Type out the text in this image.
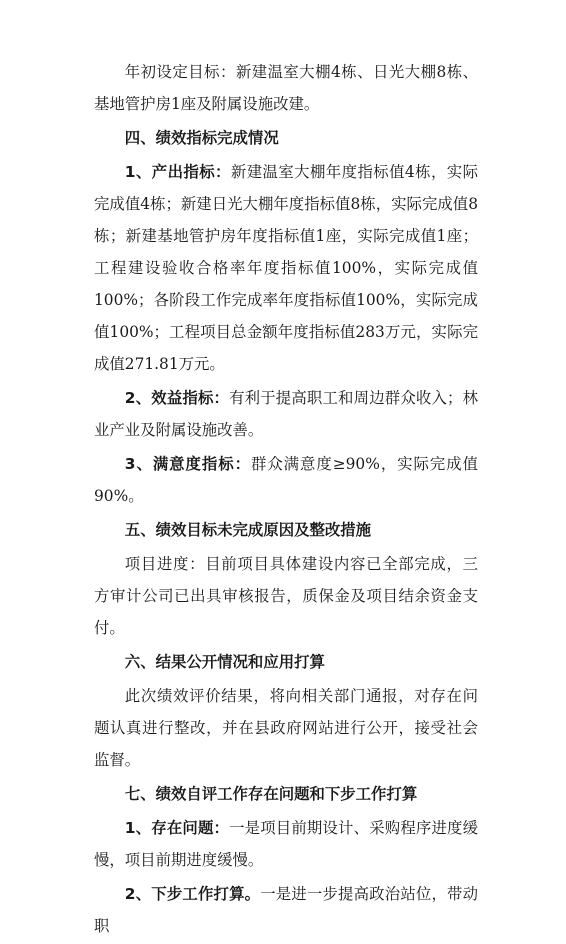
年初设定目标：新建温室大棚4栋、日光大棚8栋、基地管护房1座及附属设施改建。

四、绩效指标完成情况

1、产出指标：新建温室大棚年度指标值4栋，实际完成值4栋；新建日光大棚年度指标值8栋，实际完成值8栋；新建基地管护房年度指标值1座，实际完成值1座；工程建设验收合格率年度指标值100%，实际完成值100%；各阶段工作完成率年度指标值100%，实际完成值100%；工程项目总金额年度指标值283万元，实际完成值271.81万元。

2、效益指标：有利于提高职工和周边群众收入；林业产业及附属设施改善。

3、满意度指标：群众满意度≥90%，实际完成值90%。

五、绩效目标未完成原因及整改措施

项目进度：目前项目具体建设内容已全部完成，三方审计公司已出具审核报告，质保金及项目结余资金支付。

六、结果公开情况和应用打算

此次绩效评价结果，将向相关部门通报，对存在问题认真进行整改，并在县政府网站进行公开，接受社会监督。

七、绩效自评工作存在问题和下步工作打算

1、存在问题：一是项目前期设计、采购程序进度缓慢，项目前期进度缓慢。

2、下步工作打算。一是进一步提高政治站位，带动职
